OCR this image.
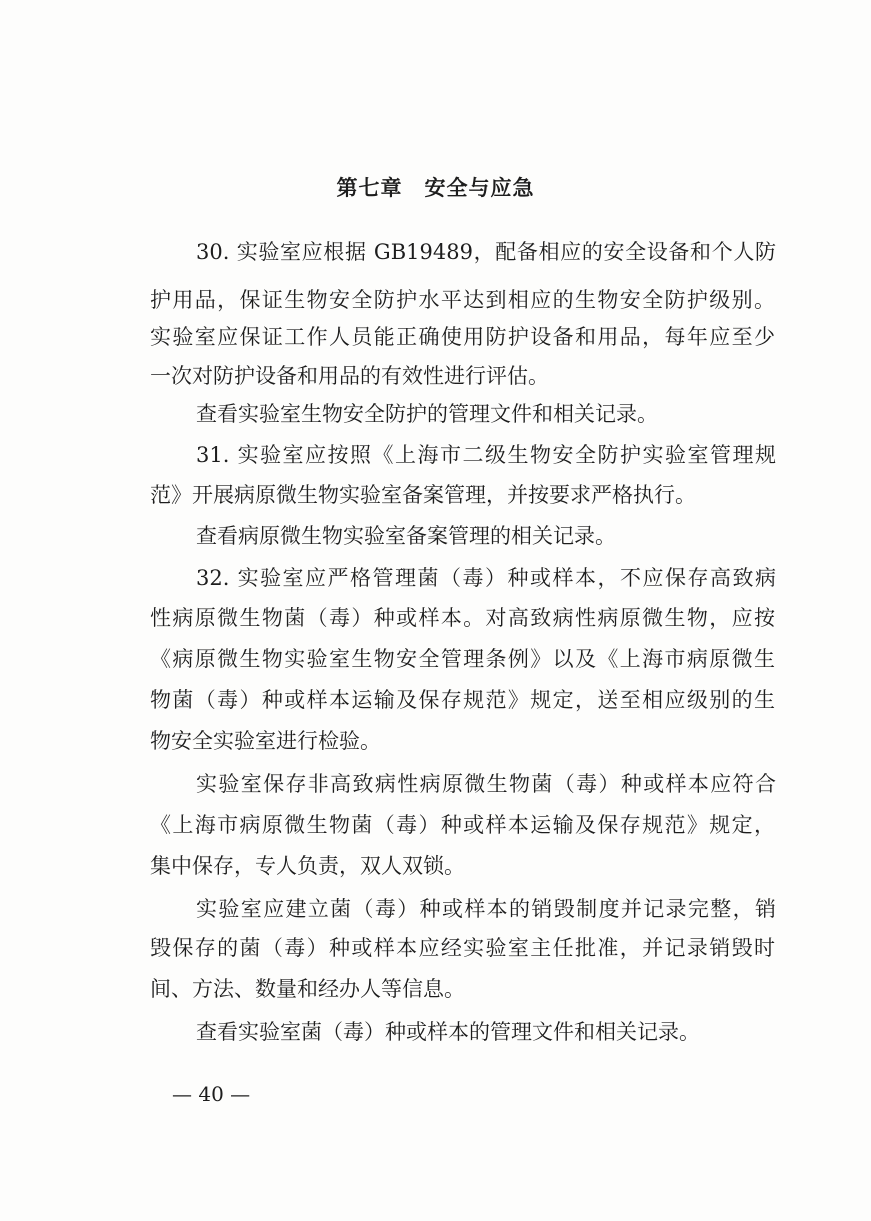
第七章　安全与应急
30. 实验室应根据 GB19489，配备相应的安全设备和个人防
护用品，保证生物安全防护水平达到相应的生物安全防护级别。
实验室应保证工作人员能正确使用防护设备和用品，每年应至少
一次对防护设备和用品的有效性进行评估。
查看实验室生物安全防护的管理文件和相关记录。
31. 实验室应按照《上海市二级生物安全防护实验室管理规
范》开展病原微生物实验室备案管理，并按要求严格执行。
查看病原微生物实验室备案管理的相关记录。
32. 实验室应严格管理菌（毒）种或样本，不应保存高致病
性病原微生物菌（毒）种或样本。对高致病性病原微生物，应按
《病原微生物实验室生物安全管理条例》以及《上海市病原微生
物菌（毒）种或样本运输及保存规范》规定，送至相应级别的生
物安全实验室进行检验。
实验室保存非高致病性病原微生物菌（毒）种或样本应符合
《上海市病原微生物菌（毒）种或样本运输及保存规范》规定，
集中保存，专人负责，双人双锁。
实验室应建立菌（毒）种或样本的销毁制度并记录完整，销
毁保存的菌（毒）种或样本应经实验室主任批准，并记录销毁时
间、方法、数量和经办人等信息。
查看实验室菌（毒）种或样本的管理文件和相关记录。
— 40 —
